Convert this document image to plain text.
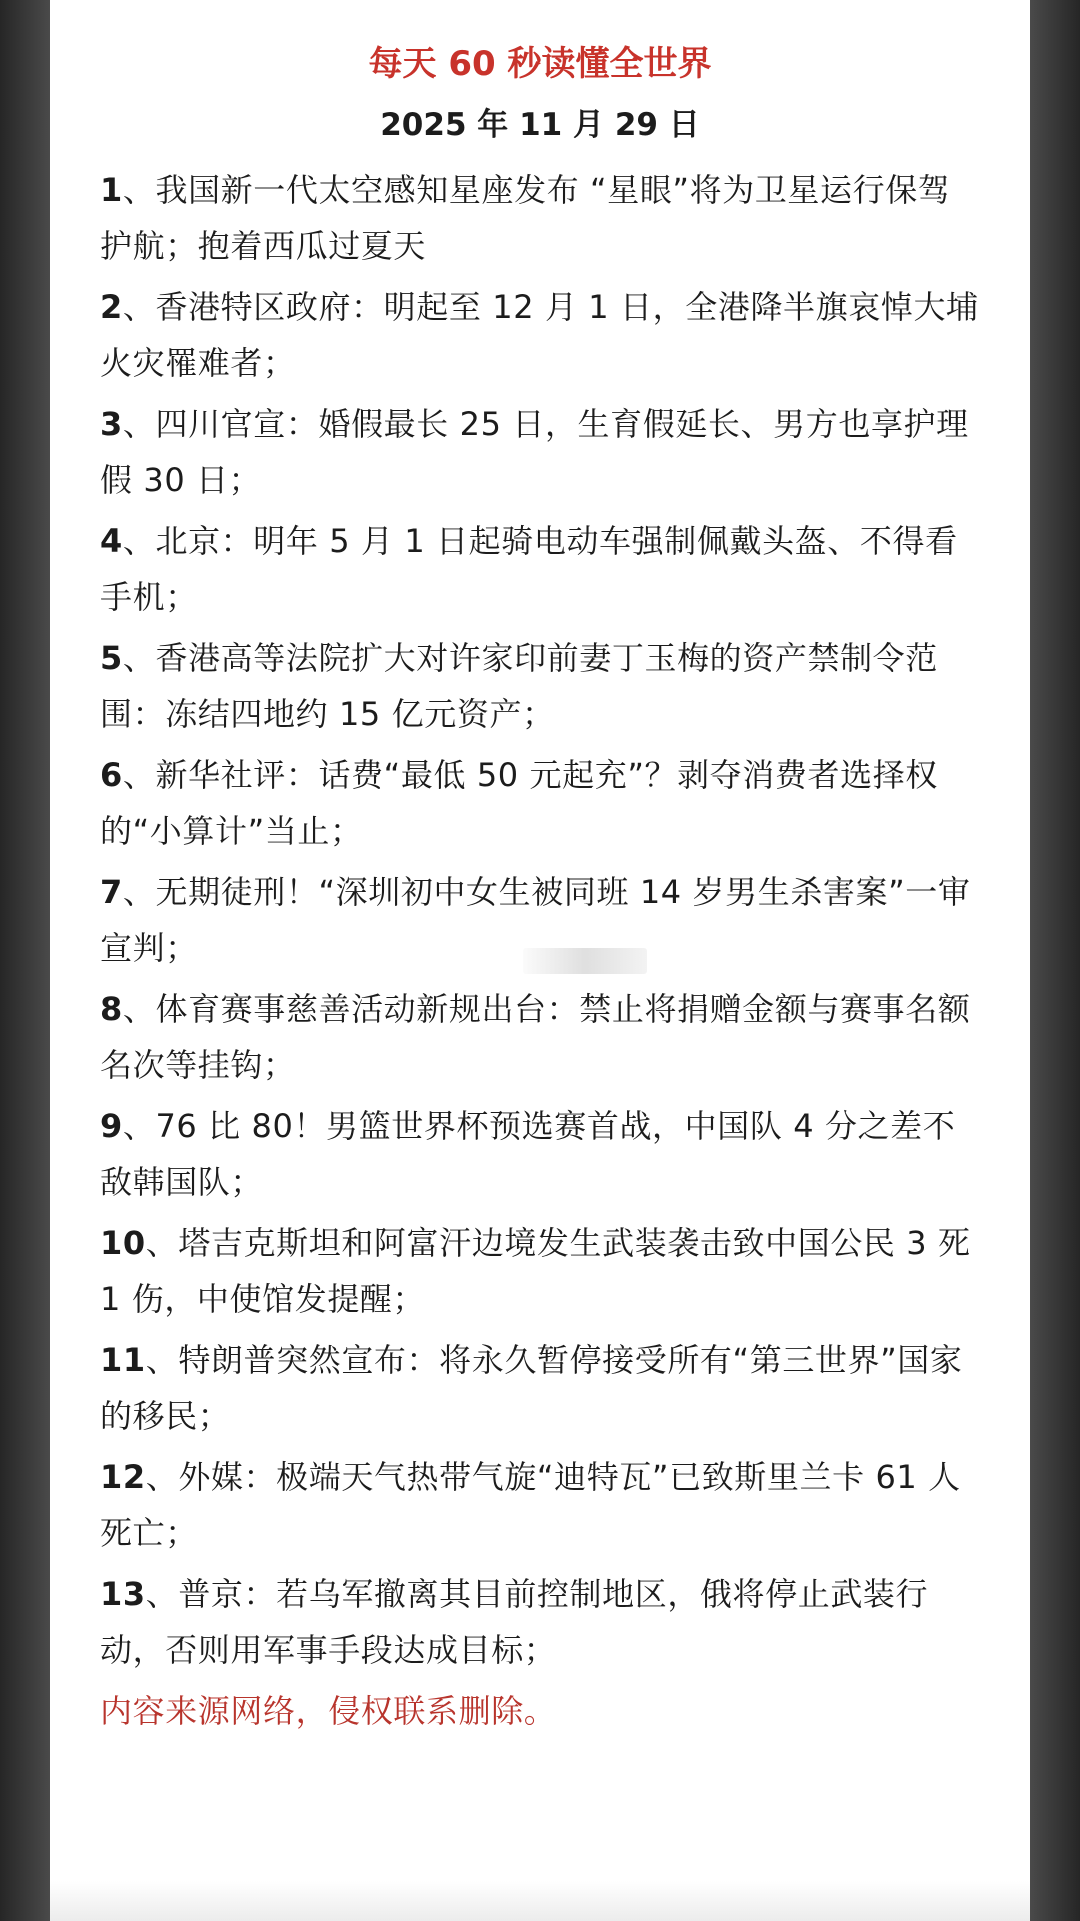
每天 60 秒读懂全世界
2025 年 11 月 29 日
1、我国新一代太空感知星座发布 “星眼”将为卫星运行保驾护航；抱着西瓜过夏天
2、香港特区政府：明起至 12 月 1 日，全港降半旗哀悼大埔火灾罹难者；
3、四川官宣：婚假最长 25 日，生育假延长、男方也享护理假 30 日；
4、北京：明年 5 月 1 日起骑电动车强制佩戴头盔、不得看手机；
5、香港高等法院扩大对许家印前妻丁玉梅的资产禁制令范围：冻结四地约 15 亿元资产；
6、新华社评：话费“最低 50 元起充”？剥夺消费者选择权的“小算计”当止；
7、无期徒刑！“深圳初中女生被同班 14 岁男生杀害案”一审宣判；
8、体育赛事慈善活动新规出台：禁止将捐赠金额与赛事名额名次等挂钩；
9、76 比 80！男篮世界杯预选赛首战，中国队 4 分之差不敌韩国队；
10、塔吉克斯坦和阿富汗边境发生武装袭击致中国公民 3 死 1 伤，中使馆发提醒；
11、特朗普突然宣布：将永久暂停接受所有“第三世界”国家的移民；
12、外媒：极端天气热带气旋“迪特瓦”已致斯里兰卡 61 人死亡；
13、普京：若乌军撤离其目前控制地区，俄将停止武装行动，否则用军事手段达成目标；
内容来源网络，侵权联系删除。
